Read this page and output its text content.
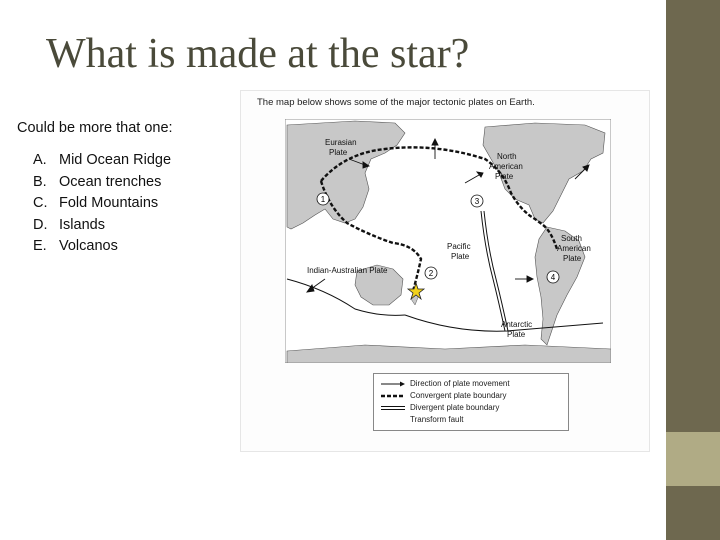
What is made at the star?
Could be more that one:
A. Mid Ocean Ridge
B. Ocean trenches
C. Fold Mountains
D. Islands
E. Volcanos
The map below shows some of the major tectonic plates on Earth.
1
2
3
4
Eurasian
Plate	North
American
Plate
Pacific
Plate
South
American
Plate
Indian-Australian Plate
Antarctic
Plate
Direction of plate movement
Convergent plate boundary
Divergent plate boundary
Transform fault
